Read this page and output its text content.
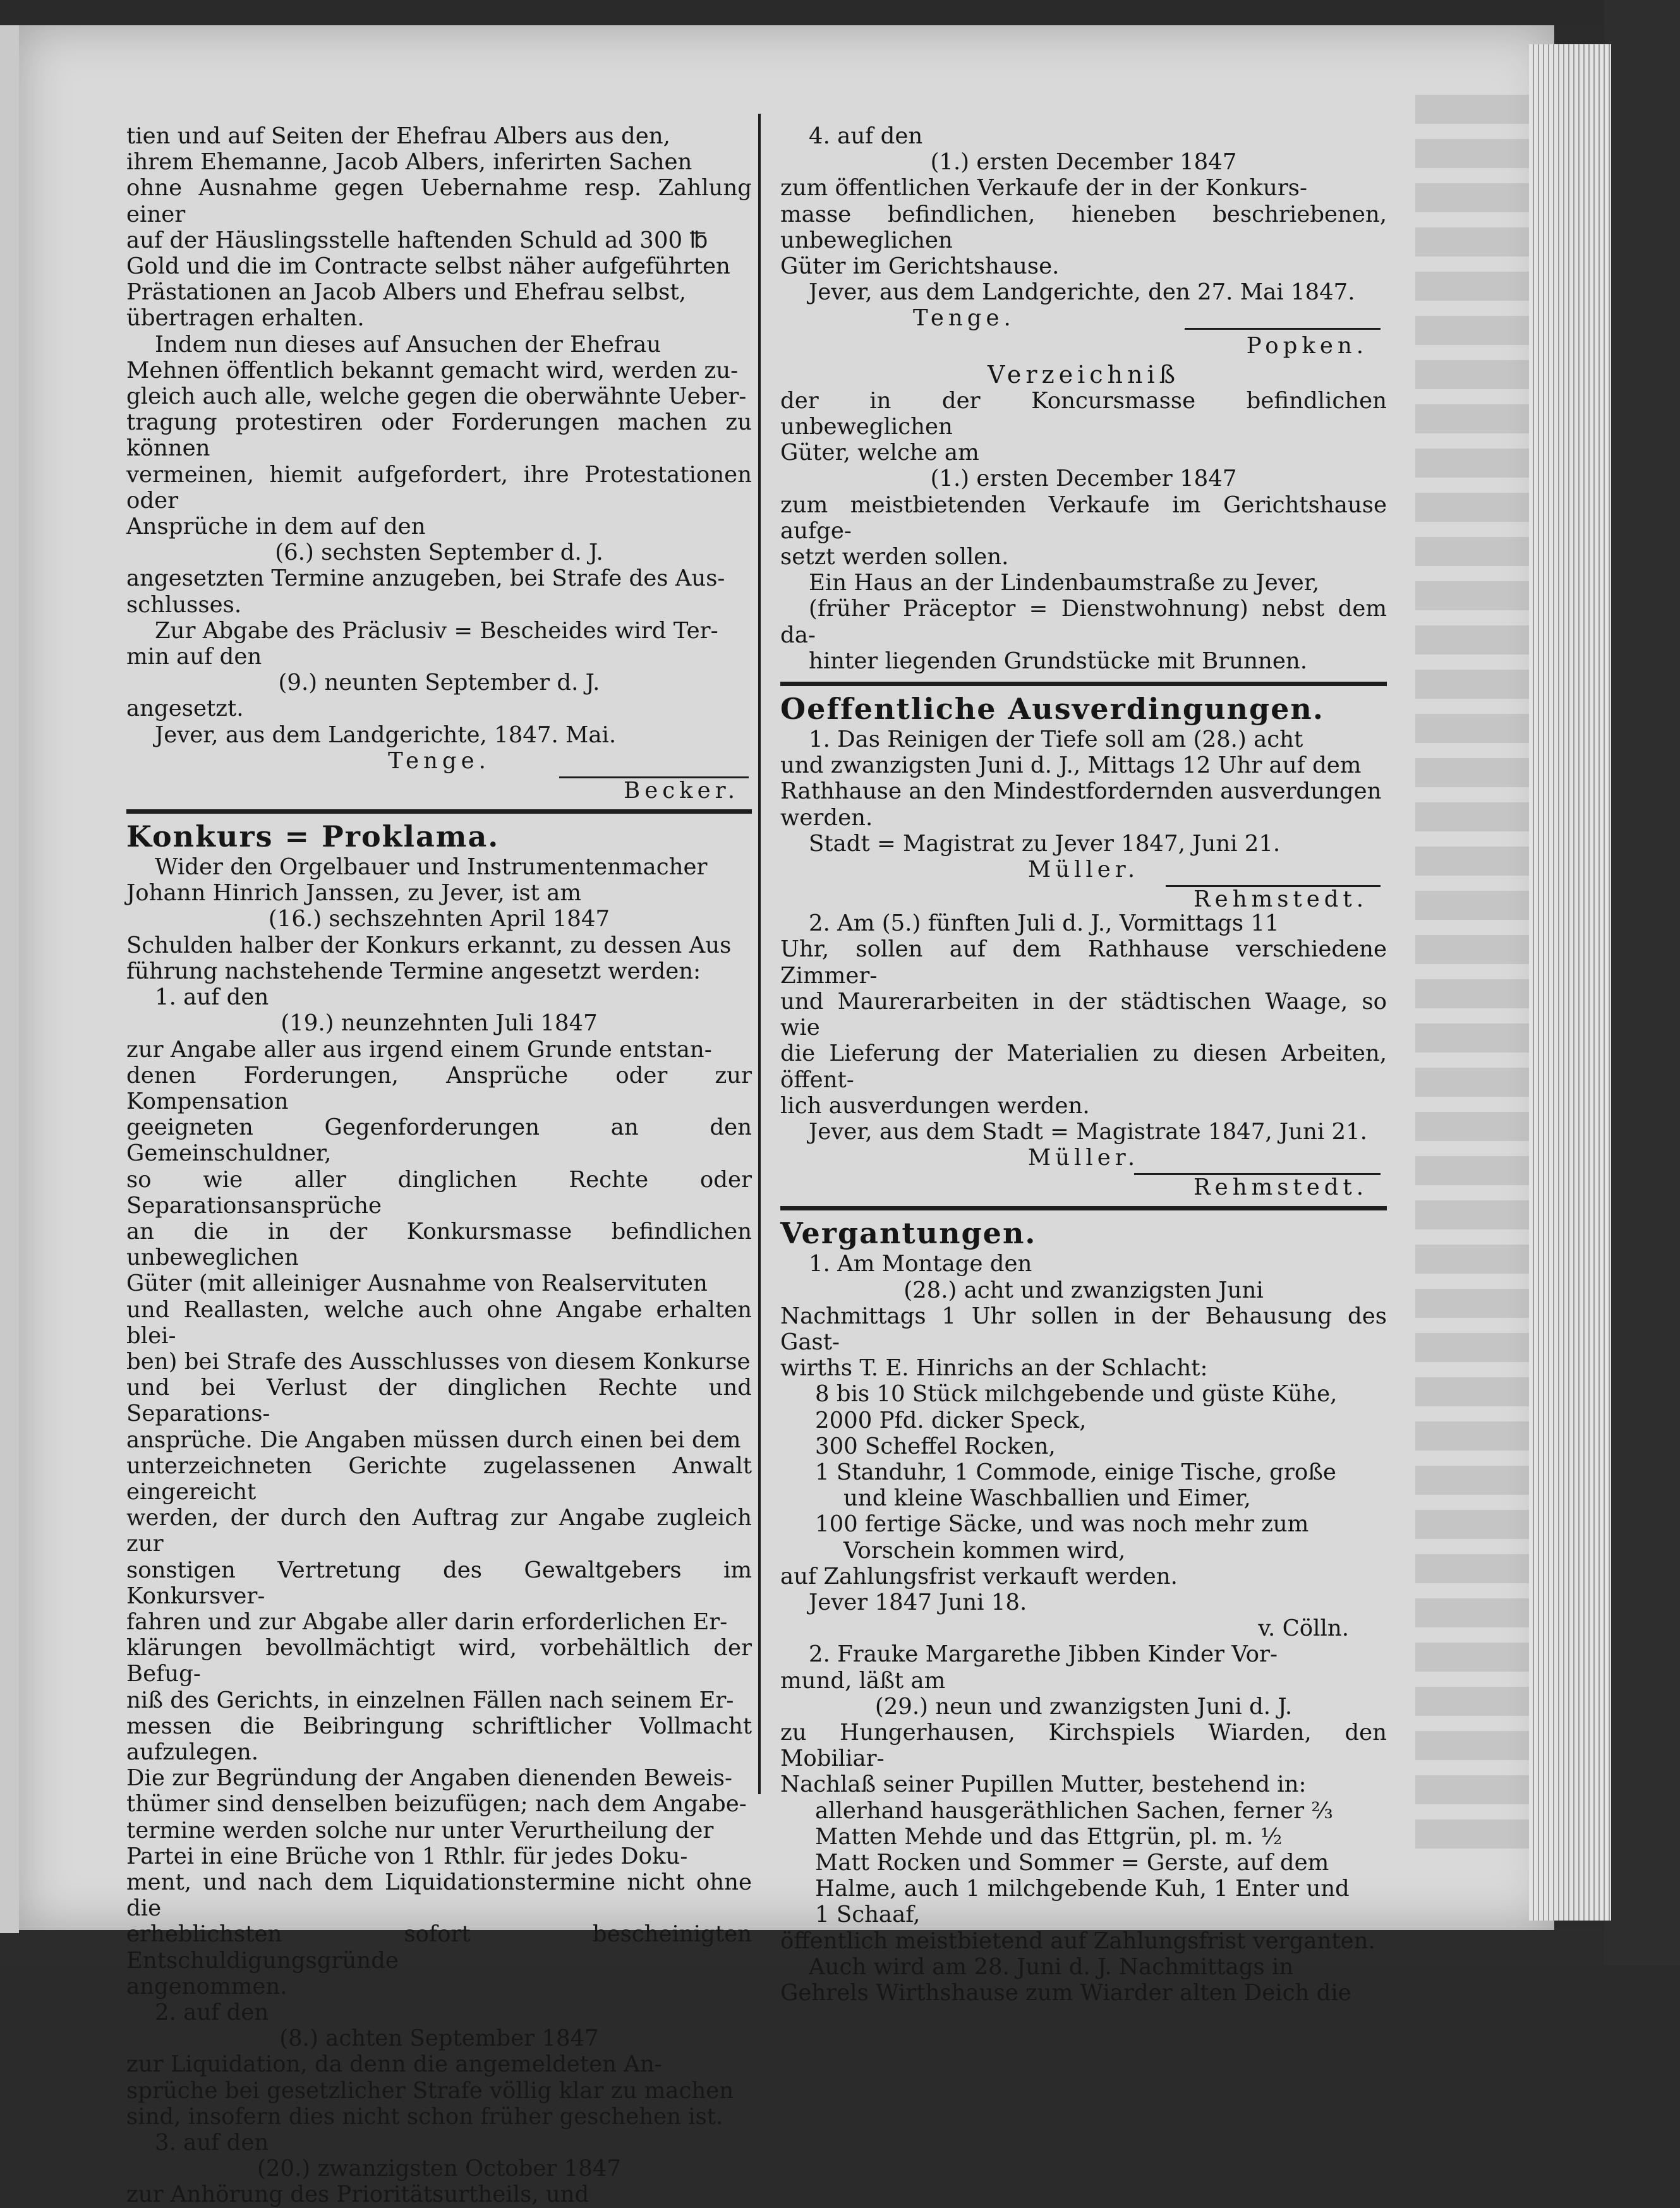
tien und auf Seiten der Ehefrau Albers aus den,

ihrem Ehemanne, Jacob Albers, inferirten Sachen

ohne Ausnahme gegen Uebernahme resp. Zahlung einer

auf der Häuslingsstelle haftenden Schuld ad 300 ℔

Gold und die im Contracte selbst näher aufgeführten

Prästationen an Jacob Albers und Ehefrau selbst,

übertragen erhalten.

Indem nun dieses auf Ansuchen der Ehefrau

Mehnen öffentlich bekannt gemacht wird, werden zu-

gleich auch alle, welche gegen die oberwähnte Ueber-

tragung protestiren oder Forderungen machen zu können

vermeinen, hiemit aufgefordert, ihre Protestationen oder

Ansprüche in dem auf den

(6.) sechsten September d. J.

angesetzten Termine anzugeben, bei Strafe des Aus-

schlusses.

Zur Abgabe des Präclusiv = Bescheides wird Ter-

min auf den

(9.) neunten September d. J.

angesetzt.

Jever, aus dem Landgerichte, 1847. Mai.

Tenge.

Becker.

Konkurs = Proklama.

Wider den Orgelbauer und Instrumentenmacher

Johann Hinrich Janssen, zu Jever, ist am

(16.) sechszehnten April 1847

Schulden halber der Konkurs erkannt, zu dessen Aus

führung nachstehende Termine angesetzt werden:

1. auf den

(19.) neunzehnten Juli 1847

zur Angabe aller aus irgend einem Grunde entstan-

denen Forderungen, Ansprüche oder zur Kompensation

geeigneten Gegenforderungen an den Gemeinschuldner,

so wie aller dinglichen Rechte oder Separationsansprüche

an die in der Konkursmasse befindlichen unbeweglichen

Güter (mit alleiniger Ausnahme von Realservituten

und Reallasten, welche auch ohne Angabe erhalten blei-

ben) bei Strafe des Ausschlusses von diesem Konkurse

und bei Verlust der dinglichen Rechte und Separations-

ansprüche. Die Angaben müssen durch einen bei dem

unterzeichneten Gerichte zugelassenen Anwalt eingereicht

werden, der durch den Auftrag zur Angabe zugleich zur

sonstigen Vertretung des Gewaltgebers im Konkursver-

fahren und zur Abgabe aller darin erforderlichen Er-

klärungen bevollmächtigt wird, vorbehältlich der Befug-

niß des Gerichts, in einzelnen Fällen nach seinem Er-

messen die Beibringung schriftlicher Vollmacht aufzulegen.

Die zur Begründung der Angaben dienenden Beweis-

thümer sind denselben beizufügen; nach dem Angabe-

termine werden solche nur unter Verurtheilung der

Partei in eine Brüche von 1 Rthlr. für jedes Doku-

ment, und nach dem Liquidationstermine nicht ohne die

erheblichsten sofort bescheinigten Entschuldigungsgründe

angenommen.

2. auf den

(8.) achten September 1847

zur Liquidation, da denn die angemeldeten An-

sprüche bei gesetzlicher Strafe völlig klar zu machen

sind, insofern dies nicht schon früher geschehen ist.

3. auf den

(20.) zwanzigsten October 1847

zur Anhörung des Prioritätsurtheils, und

4. auf den

(1.) ersten December 1847

zum öffentlichen Verkaufe der in der Konkurs-

masse befindlichen, hieneben beschriebenen, unbeweglichen

Güter im Gerichtshause.

Jever, aus dem Landgerichte, den 27. Mai 1847.

Tenge.

Popken.

Verzeichniß

der in der Koncursmasse befindlichen unbeweglichen

Güter, welche am

(1.) ersten December 1847

zum meistbietenden Verkaufe im Gerichtshause aufge-

setzt werden sollen.

Ein Haus an der Lindenbaumstraße zu Jever,

(früher Präceptor = Dienstwohnung) nebst dem da-

hinter liegenden Grundstücke mit Brunnen.

Oeffentliche Ausverdingungen.

1. Das Reinigen der Tiefe soll am (28.) acht

und zwanzigsten Juni d. J., Mittags 12 Uhr auf dem

Rathhause an den Mindestfordernden ausverdungen

werden.

Stadt = Magistrat zu Jever 1847, Juni 21.

Müller.

Rehmstedt.

2. Am (5.) fünften Juli d. J., Vormittags 11

Uhr, sollen auf dem Rathhause verschiedene Zimmer-

und Maurerarbeiten in der städtischen Waage, so wie

die Lieferung der Materialien zu diesen Arbeiten, öffent-

lich ausverdungen werden.

Jever, aus dem Stadt = Magistrate 1847, Juni 21.

Müller.

Rehmstedt.

Vergantungen.

1. Am Montage den

(28.) acht und zwanzigsten Juni

Nachmittags 1 Uhr sollen in der Behausung des Gast-

wirths T. E. Hinrichs an der Schlacht:

8 bis 10 Stück milchgebende und güste Kühe,

2000 Pfd. dicker Speck,

300 Scheffel Rocken,

1 Standuhr, 1 Commode, einige Tische, große

und kleine Waschballien und Eimer,

100 fertige Säcke, und was noch mehr zum

Vorschein kommen wird,

auf Zahlungsfrist verkauft werden.

Jever 1847 Juni 18.

v. Cölln.

2. Frauke Margarethe Jibben Kinder Vor-

mund, läßt am

(29.) neun und zwanzigsten Juni d. J.

zu Hungerhausen, Kirchspiels Wiarden, den Mobiliar-

Nachlaß seiner Pupillen Mutter, bestehend in:

allerhand hausgeräthlichen Sachen, ferner ⅔

Matten Mehde und das Ettgrün, pl. m. ½

Matt Rocken und Sommer = Gerste, auf dem

Halme, auch 1 milchgebende Kuh, 1 Enter und

1 Schaaf,

öffentlich meistbietend auf Zahlungsfrist verganten.

Auch wird am 28. Juni d. J. Nachmittags in

Gehrels Wirthshause zum Wiarder alten Deich die
